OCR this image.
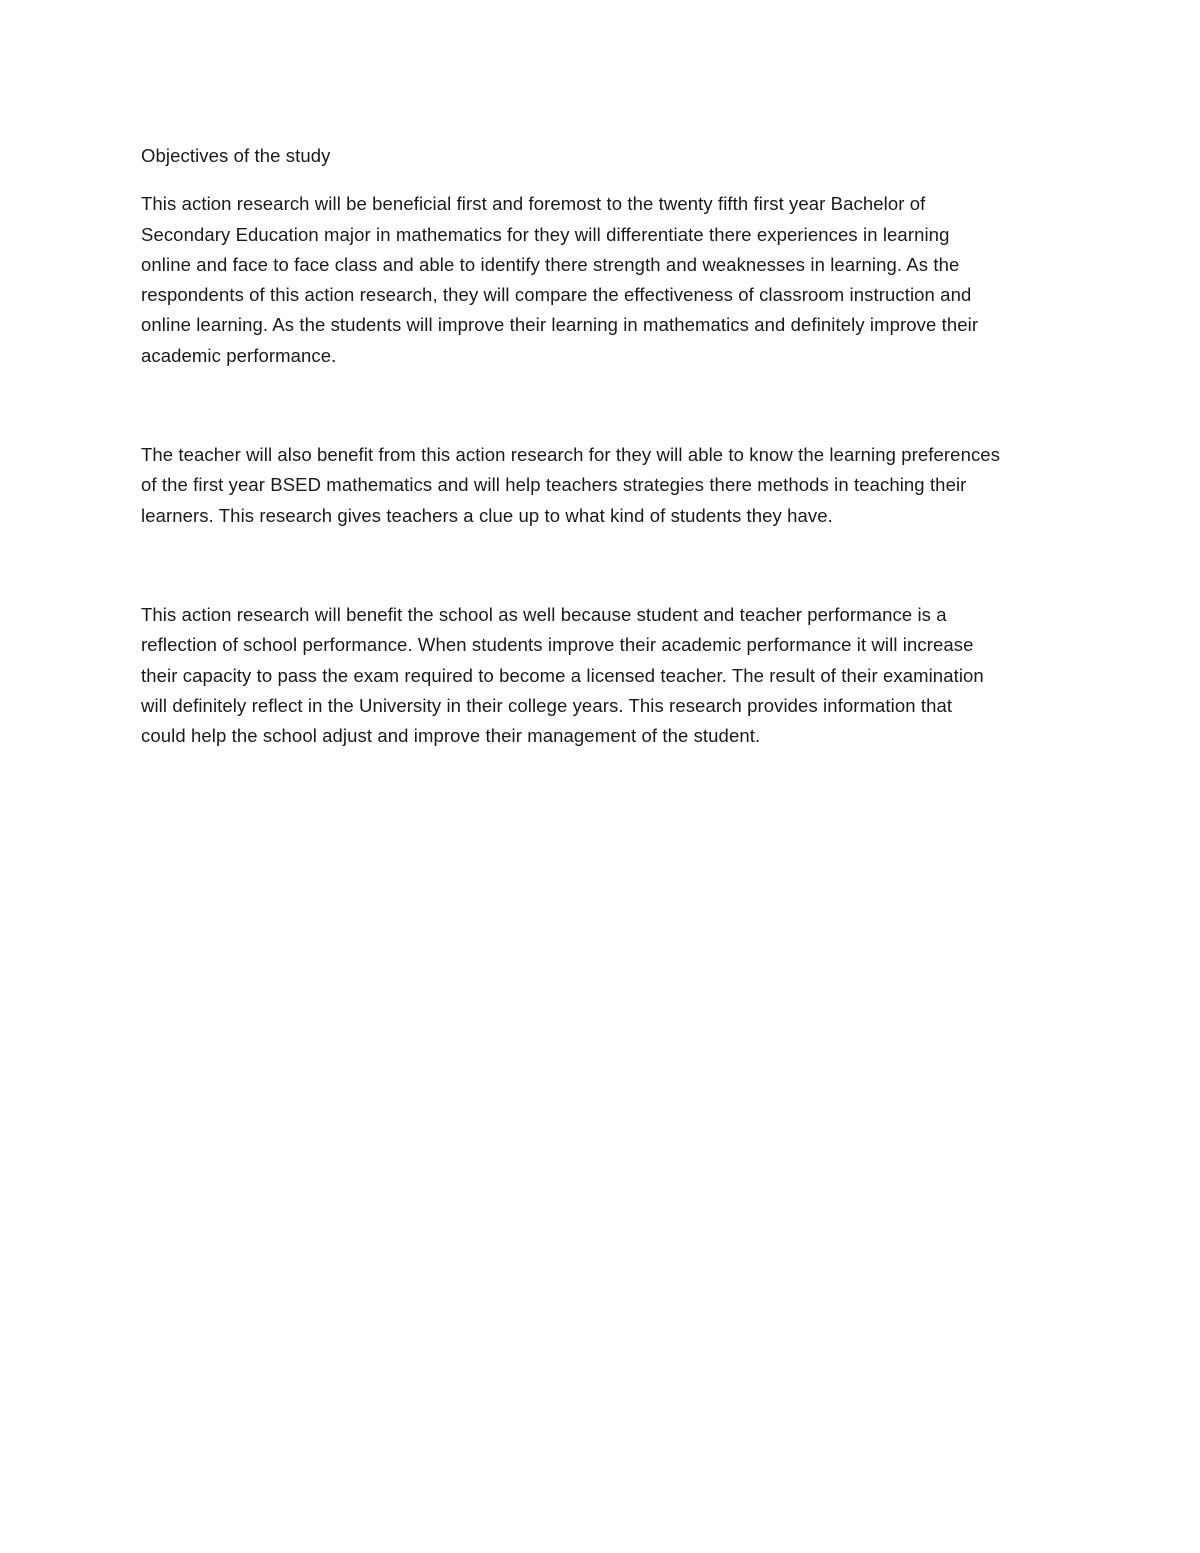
Objectives of the study

This action research will be beneficial first and foremost to the twenty fifth first year Bachelor of
Secondary Education major in mathematics for they will differentiate there experiences in learning
online and face to face class and able to identify there strength and weaknesses in learning. As the
respondents of this action research, they will compare the effectiveness of classroom instruction and
online learning. As the students will improve their learning in mathematics and definitely improve their
academic performance.

The teacher will also benefit from this action research for they will able to know the learning preferences
of the first year BSED mathematics and will help teachers strategies there methods in teaching their
learners. This research gives teachers a clue up to what kind of students they have.

This action research will benefit the school as well because student and teacher performance is a
reflection of school performance. When students improve their academic performance it will increase
their capacity to pass the exam required to become a licensed teacher. The result of their examination
will definitely reflect in the University in their college years. This research provides information that
could help the school adjust and improve their management of the student.
